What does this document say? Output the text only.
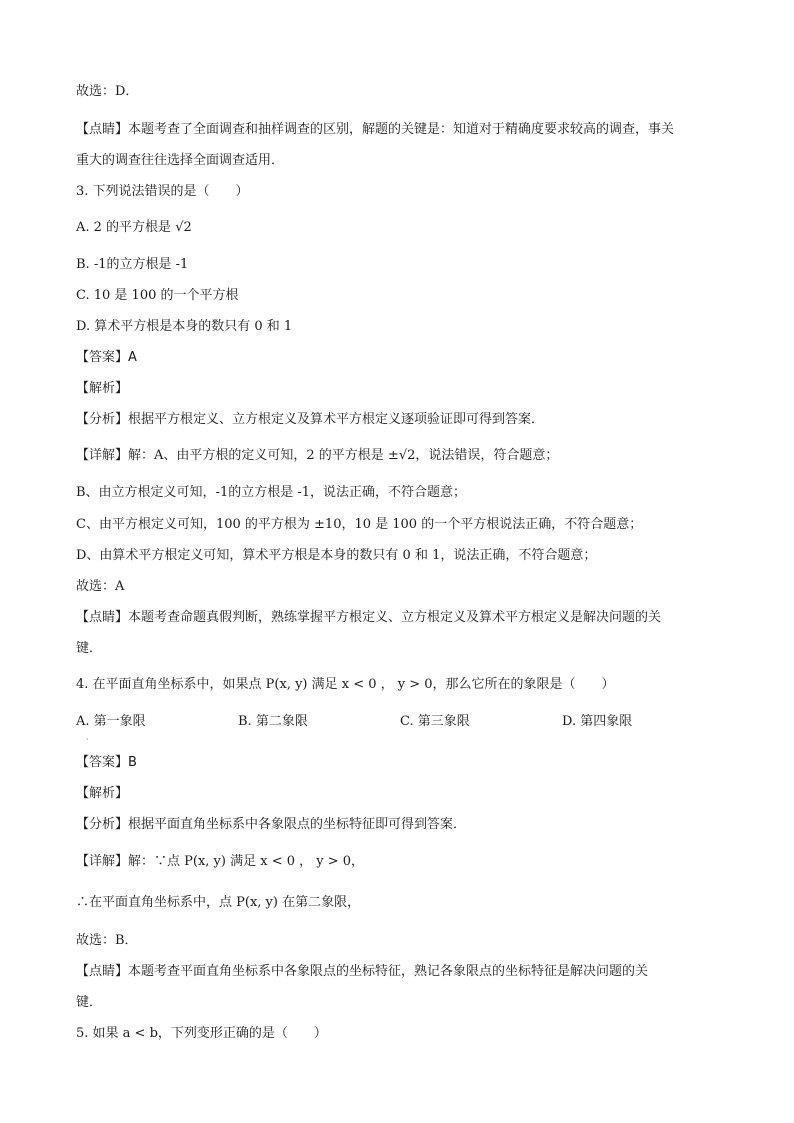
故选：D．
【点睛】本题考查了全面调查和抽样调查的区别，解题的关键是：知道对于精确度要求较高的调查，事关
重大的调查往往选择全面调查适用．
3. 下列说法错误的是（　　）
A. 2 的平方根是 √2
B. -1的立方根是 -1
C. 10 是 100 的一个平方根
D. 算术平方根是本身的数只有 0 和 1
【答案】A
【解析】
【分析】根据平方根定义、立方根定义及算术平方根定义逐项验证即可得到答案．
【详解】解：A、由平方根的定义可知，2 的平方根是 ±√2，说法错误，符合题意；
B、由立方根定义可知，-1的立方根是 -1，说法正确，不符合题意；
C、由平方根定义可知，100 的平方根为 ±10，10 是 100 的一个平方根说法正确，不符合题意；
D、由算术平方根定义可知，算术平方根是本身的数只有 0 和 1，说法正确，不符合题意；
故选：A
【点睛】本题考查命题真假判断，熟练掌握平方根定义、立方根定义及算术平方根定义是解决问题的关
键．
4. 在平面直角坐标系中，如果点 P(x, y) 满足 x < 0 ， y > 0，那么它所在的象限是（　　）
A. 第一象限	B. 第二象限	C. 第三象限	D. 第四象限
·
【答案】B
【解析】
【分析】根据平面直角坐标系中各象限点的坐标特征即可得到答案．
【详解】解：∵点 P(x, y) 满足 x < 0 ， y > 0，
∴在平面直角坐标系中，点 P(x, y) 在第二象限，
故选：B．
【点睛】本题考查平面直角坐标系中各象限点的坐标特征，熟记各象限点的坐标特征是解决问题的关
键．
5. 如果 a < b，下列变形正确的是（　　）
